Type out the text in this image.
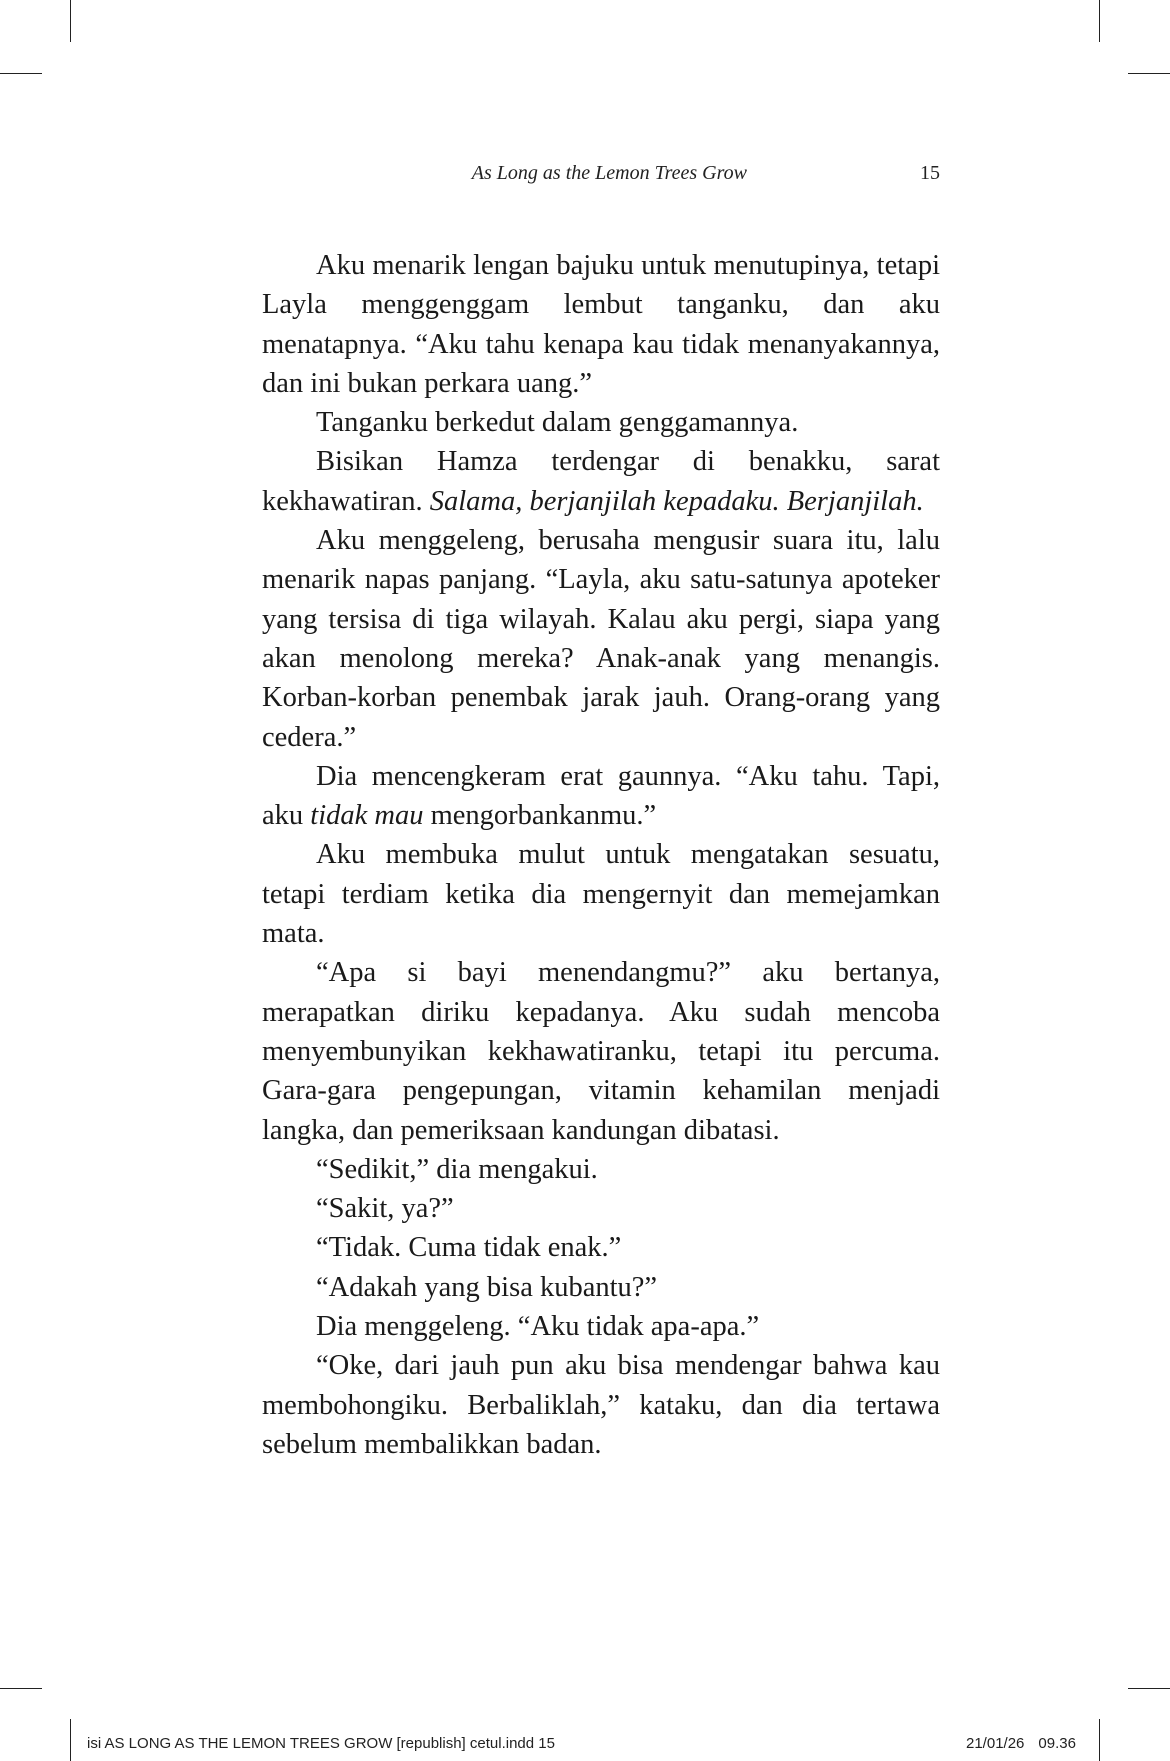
As Long as the Lemon Trees Grow	15

Aku menarik lengan bajuku untuk menutupinya, tetapi Layla menggenggam lembut tanganku, dan aku menatapnya. “Aku tahu kenapa kau tidak menanyakannya, dan ini bukan perkara uang.”

Tanganku berkedut dalam genggamannya.

Bisikan Hamza terdengar di benakku, sarat kekhawatiran. Salama, berjanjilah kepadaku. Berjanjilah.

Aku menggeleng, berusaha mengusir suara itu, lalu menarik napas panjang. “Layla, aku satu-satunya apoteker yang tersisa di tiga wilayah. Kalau aku pergi, siapa yang akan menolong mereka? Anak-anak yang menangis. Korban-korban penembak jarak jauh. Orang-orang yang cedera.”

Dia mencengkeram erat gaunnya. “Aku tahu. Tapi, aku tidak mau mengorbankanmu.”

Aku membuka mulut untuk mengatakan sesuatu, tetapi terdiam ketika dia mengernyit dan memejamkan mata.

“Apa si bayi menendangmu?” aku bertanya, merapatkan diriku kepadanya. Aku sudah mencoba menyembunyikan kekhawatiranku, tetapi itu percuma. Gara-gara pengepungan, vitamin kehamilan menjadi langka, dan pemeriksaan kandungan dibatasi.

“Sedikit,” dia mengakui.

“Sakit, ya?”

“Tidak. Cuma tidak enak.”

“Adakah yang bisa kubantu?”

Dia menggeleng. “Aku tidak apa-apa.”

“Oke, dari jauh pun aku bisa mendengar bahwa kau membohongiku. Berbaliklah,” kataku, dan dia tertawa sebelum membalikkan badan.

isi AS LONG AS THE LEMON TREES GROW [republish] cetul.indd 15	21/01/26 09.36
